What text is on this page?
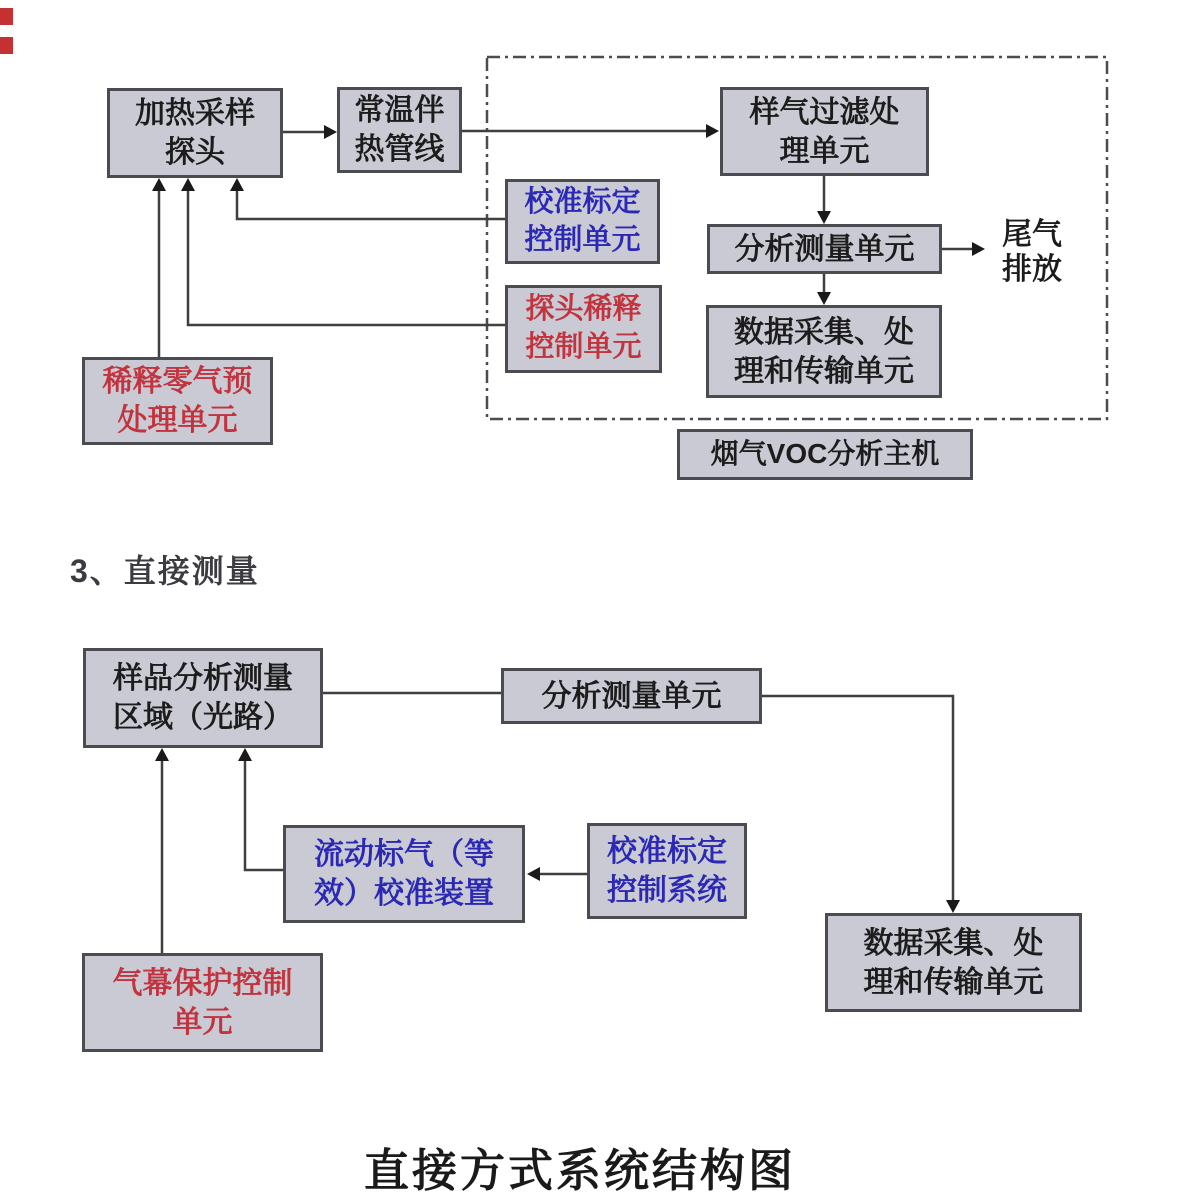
加热采样
探头
常温伴
热管线
样气过滤处
理单元
校准标定
控制单元
探头稀释
控制单元
分析测量单元
数据采集、处
理和传输单元
稀释零气预
处理单元
尾气
排放
烟气VOC分析主机
3、直接测量
样品分析测量
区域（光路）
分析测量单元
流动标气（等
效）校准装置
校准标定
控制系统
气幕保护控制
单元
数据采集、处
理和传输单元
直接方式系统结构图
